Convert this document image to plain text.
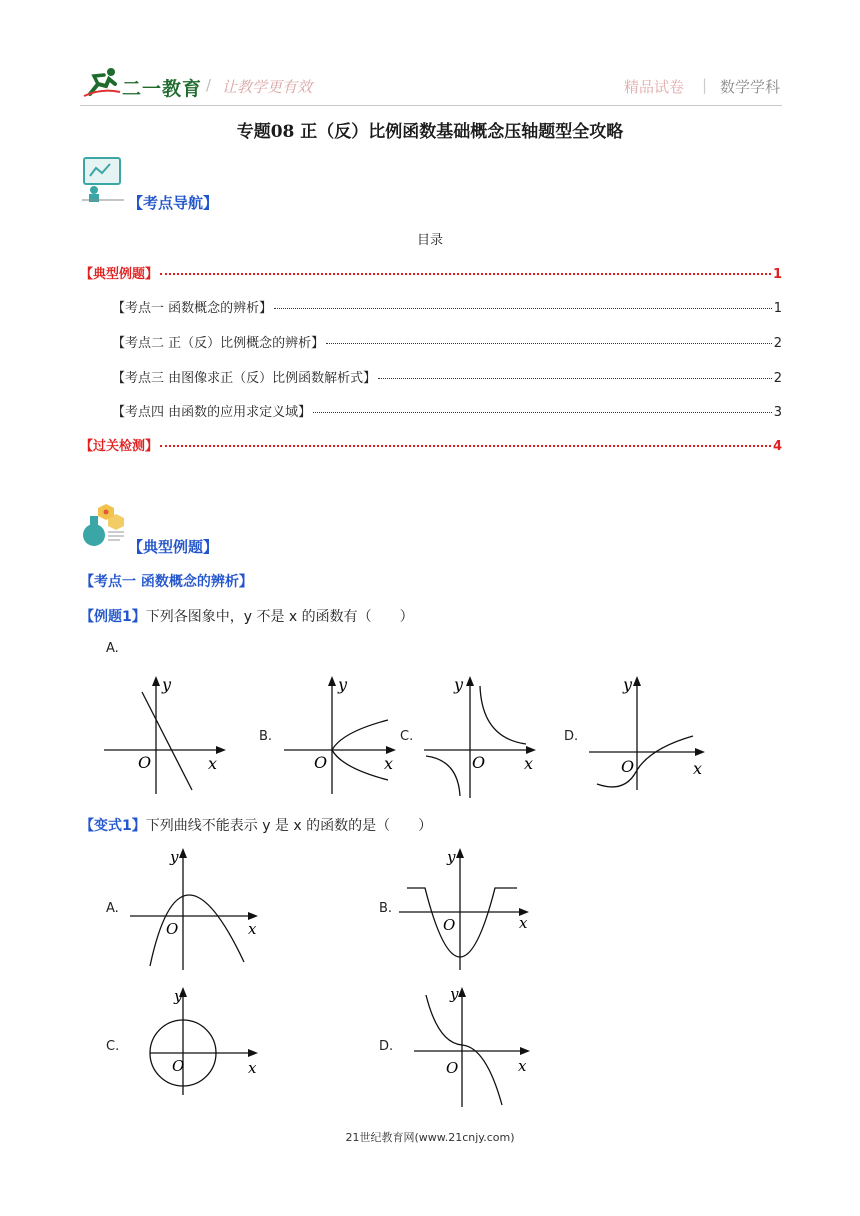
二一教育 / 让教学更有效	精品试卷 | 数学学科
专题08 正（反）比例函数基础概念压轴题型全攻略
【考点导航】
目录
【典型例题】	1
【考点一 函数概念的辨析】	1
【考点二 正（反）比例概念的辨析】	2
【考点三 由图像求正（反）比例函数解析式】	2
【考点四 由函数的应用求定义域】	3
【过关检测】	4
【典型例题】
【考点一 函数概念的辨析】
【例题1】下列各图象中，y 不是 x 的函数有（　　）
A.
B.	C.	D.
y
x
O
y
x
O
y
x
O
y
x
O
【变式1】下列曲线不能表示 y 是 x 的函数的是（　　）
A.	B.
C.	D.
y
x
O
y
x
O
y
x
O
y
x
O
21世纪教育网(www.21cnjy.com)
